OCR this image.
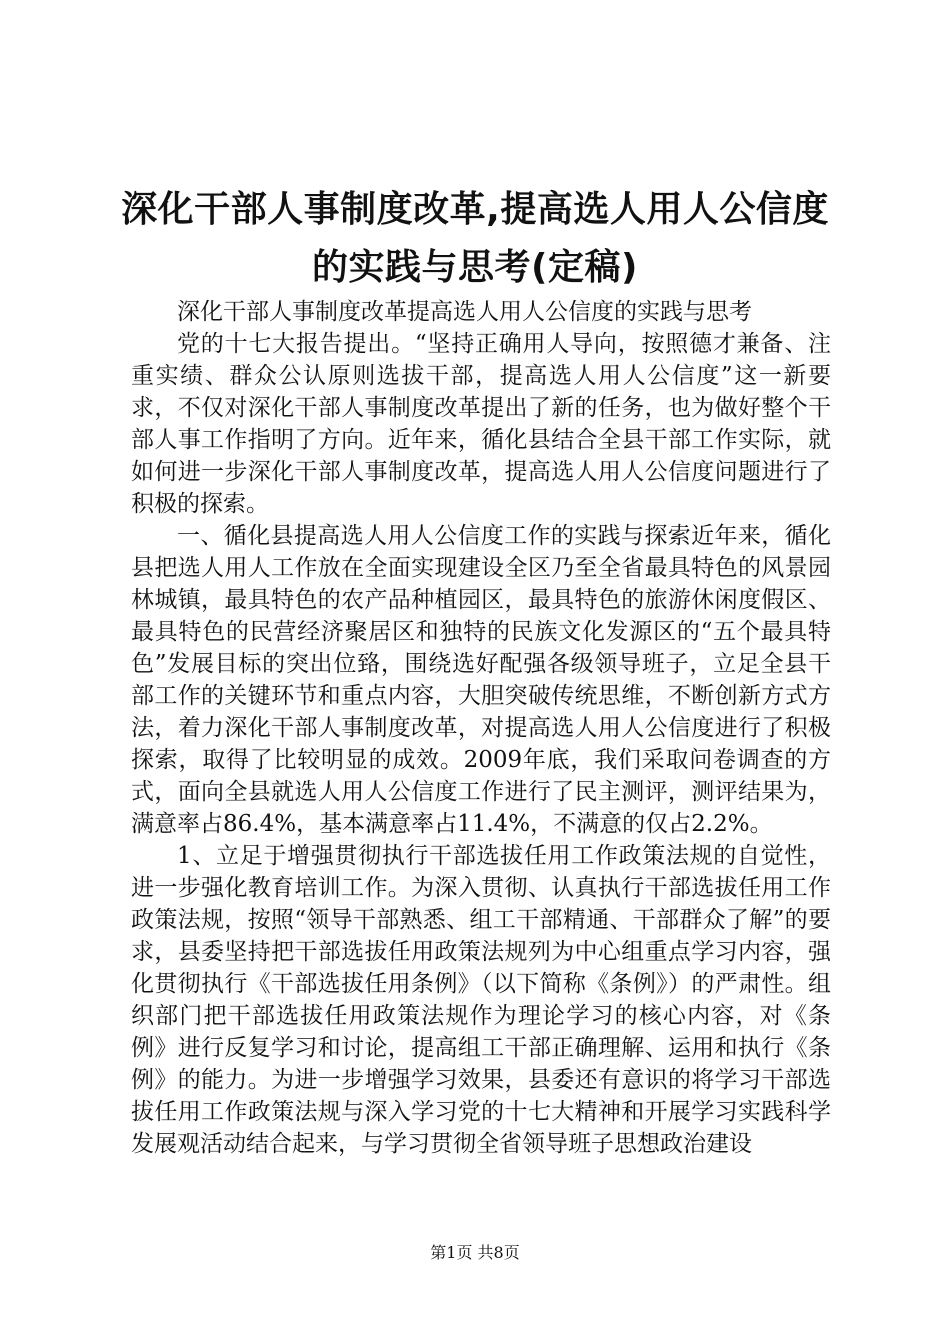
深化干部人事制度改革,提高选人用人公信度
的实践与思考(定稿)

深化干部人事制度改革提高选人用人公信度的实践与思考

党的十七大报告提出。“坚持正确用人导向，按照德才兼备、注重实绩、群众公认原则选拔干部，提高选人用人公信度”这一新要求，不仅对深化干部人事制度改革提出了新的任务，也为做好整个干部人事工作指明了方向。近年来，循化县结合全县干部工作实际，就如何进一步深化干部人事制度改革，提高选人用人公信度问题进行了积极的探索。

一、循化县提高选人用人公信度工作的实践与探索近年来，循化县把选人用人工作放在全面实现建设全区乃至全省最具特色的风景园林城镇，最具特色的农产品种植园区，最具特色的旅游休闲度假区、最具特色的民营经济聚居区和独特的民族文化发源区的“五个最具特色”发展目标的突出位臵，围绕选好配强各级领导班子，立足全县干部工作的关键环节和重点内容，大胆突破传统思维，不断创新方式方法，着力深化干部人事制度改革，对提高选人用人公信度进行了积极探索，取得了比较明显的成效。2009年底，我们采取问卷调查的方式，面向全县就选人用人公信度工作进行了民主测评，测评结果为，满意率占86.4%，基本满意率占11.4%，不满意的仅占2.2%。

1、立足于增强贯彻执行干部选拔任用工作政策法规的自觉性，进一步强化教育培训工作。为深入贯彻、认真执行干部选拔任用工作政策法规，按照“领导干部熟悉、组工干部精通、干部群众了解”的要求，县委坚持把干部选拔任用政策法规列为中心组重点学习内容，强化贯彻执行《干部选拔任用条例》（以下简称《条例》）的严肃性。组织部门把干部选拔任用政策法规作为理论学习的核心内容，对《条例》进行反复学习和讨论，提高组工干部正确理解、运用和执行《条例》的能力。为进一步增强学习效果，县委还有意识的将学习干部选拔任用工作政策法规与深入学习党的十七大精神和开展学习实践科学发展观活动结合起来，与学习贯彻全省领导班子思想政治建设

第1页 共8页
